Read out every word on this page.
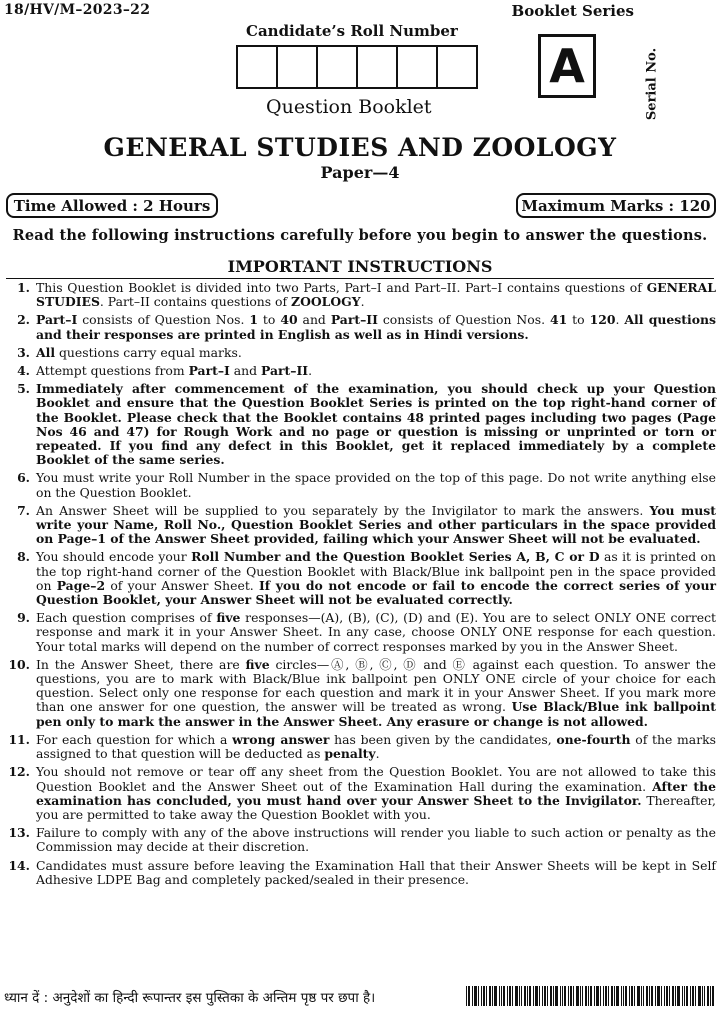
18/HV/M–2023–22	Booklet Series
Candidate’s Roll Number
A	Serial No.
Question Booklet
GENERAL STUDIES AND ZOOLOGY
Paper—4
Time Allowed : 2 Hours	Maximum Marks : 120
Read the following instructions carefully before you begin to answer the questions.
IMPORTANT INSTRUCTIONS
1. This Question Booklet is divided into two Parts, Part–I and Part–II. Part–I contains questions of GENERAL STUDIES. Part–II contains questions of ZOOLOGY.
2. Part–I consists of Question Nos. 1 to 40 and Part–II consists of Question Nos. 41 to 120. All questions and their responses are printed in English as well as in Hindi versions.
3. All questions carry equal marks.
4. Attempt questions from Part–I and Part–II.
5. Immediately after commencement of the examination, you should check up your Question Booklet and ensure that the Question Booklet Series is printed on the top right-hand corner of the Booklet. Please check that the Booklet contains 48 printed pages including two pages (Page Nos 46 and 47) for Rough Work and no page or question is missing or unprinted or torn or repeated. If you find any defect in this Booklet, get it replaced immediately by a complete Booklet of the same series.
6. You must write your Roll Number in the space provided on the top of this page. Do not write anything else on the Question Booklet.
7. An Answer Sheet will be supplied to you separately by the Invigilator to mark the answers. You must write your Name, Roll No., Question Booklet Series and other particulars in the space provided on Page–1 of the Answer Sheet provided, failing which your Answer Sheet will not be evaluated.
8. You should encode your Roll Number and the Question Booklet Series A, B, C or D as it is printed on the top right-hand corner of the Question Booklet with Black/Blue ink ballpoint pen in the space provided on Page–2 of your Answer Sheet. If you do not encode or fail to encode the correct series of your Question Booklet, your Answer Sheet will not be evaluated correctly.
9. Each question comprises of five responses—(A), (B), (C), (D) and (E). You are to select ONLY ONE correct response and mark it in your Answer Sheet. In any case, choose ONLY ONE response for each question. Your total marks will depend on the number of correct responses marked by you in the Answer Sheet.
10. In the Answer Sheet, there are five circles—Ⓐ, Ⓑ, Ⓒ, Ⓓ and Ⓔ against each question. To answer the questions, you are to mark with Black/Blue ink ballpoint pen ONLY ONE circle of your choice for each question. Select only one response for each question and mark it in your Answer Sheet. If you mark more than one answer for one question, the answer will be treated as wrong. Use Black/Blue ink ballpoint pen only to mark the answer in the Answer Sheet. Any erasure or change is not allowed.
11. For each question for which a wrong answer has been given by the candidates, one-fourth of the marks assigned to that question will be deducted as penalty.
12. You should not remove or tear off any sheet from the Question Booklet. You are not allowed to take this Question Booklet and the Answer Sheet out of the Examination Hall during the examination. After the examination has concluded, you must hand over your Answer Sheet to the Invigilator. Thereafter, you are permitted to take away the Question Booklet with you.
13. Failure to comply with any of the above instructions will render you liable to such action or penalty as the Commission may decide at their discretion.
14. Candidates must assure before leaving the Examination Hall that their Answer Sheets will be kept in Self Adhesive LDPE Bag and completely packed/sealed in their presence.
ध्यान दें : अनुदेशों का हिन्दी रूपान्तर इस पुस्तिका के अन्तिम पृष्ठ पर छपा है।
